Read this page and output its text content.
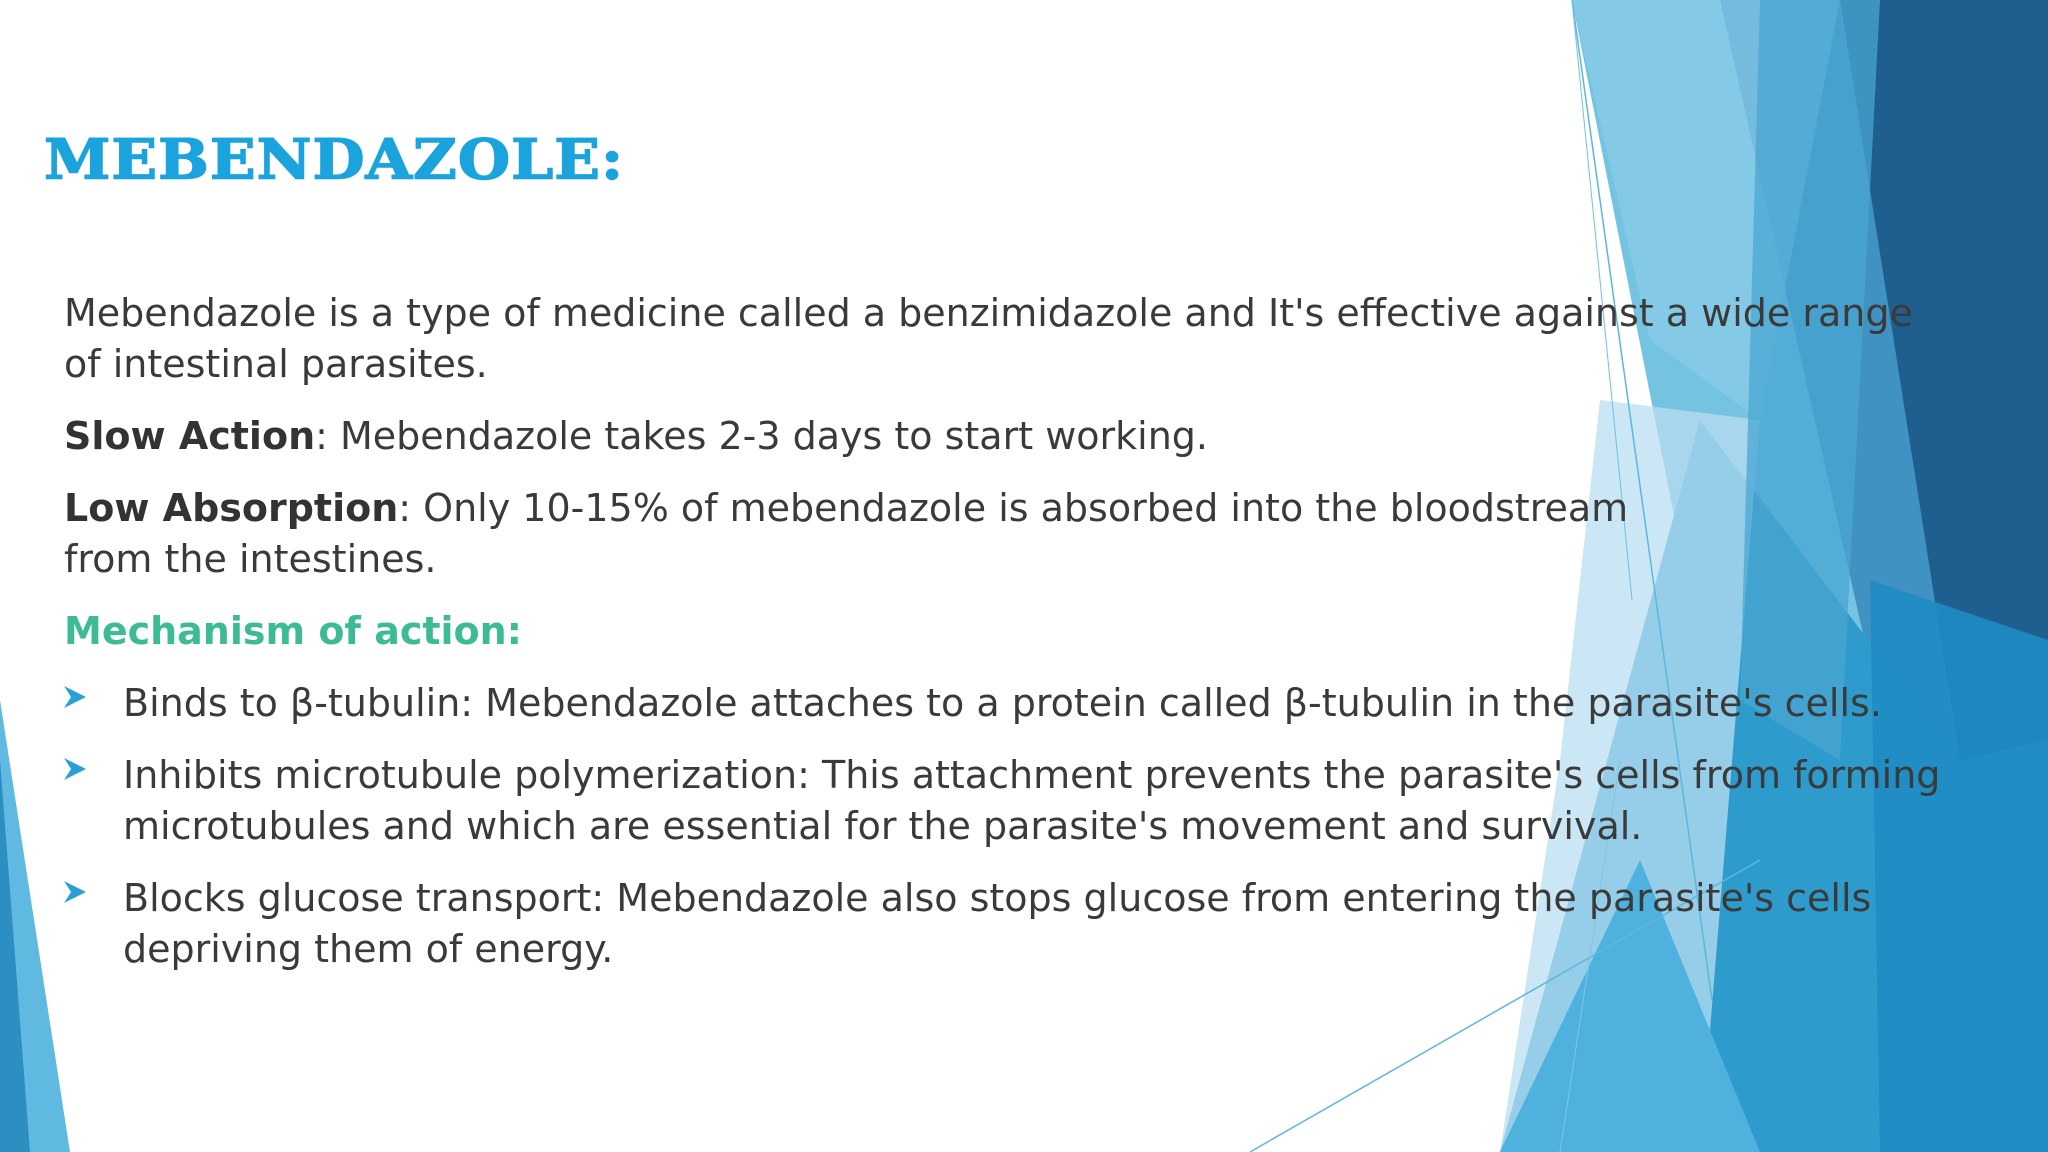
MEBENDAZOLE:

Mebendazole is a type of medicine called a benzimidazole and It's effective against a wide range of intestinal parasites.

Slow Action: Mebendazole takes 2-3 days to start working.

Low Absorption: Only 10-15% of mebendazole is absorbed into the bloodstream
from the intestines.

Mechanism of action:

Binds to β-tubulin: Mebendazole attaches to a protein called β-tubulin in the parasite's cells.
Inhibits microtubule polymerization: This attachment prevents the parasite's cells from forming microtubules and which are essential for the parasite's movement and survival.
Blocks glucose transport: Mebendazole also stops glucose from entering the parasite's cells depriving them of energy.
